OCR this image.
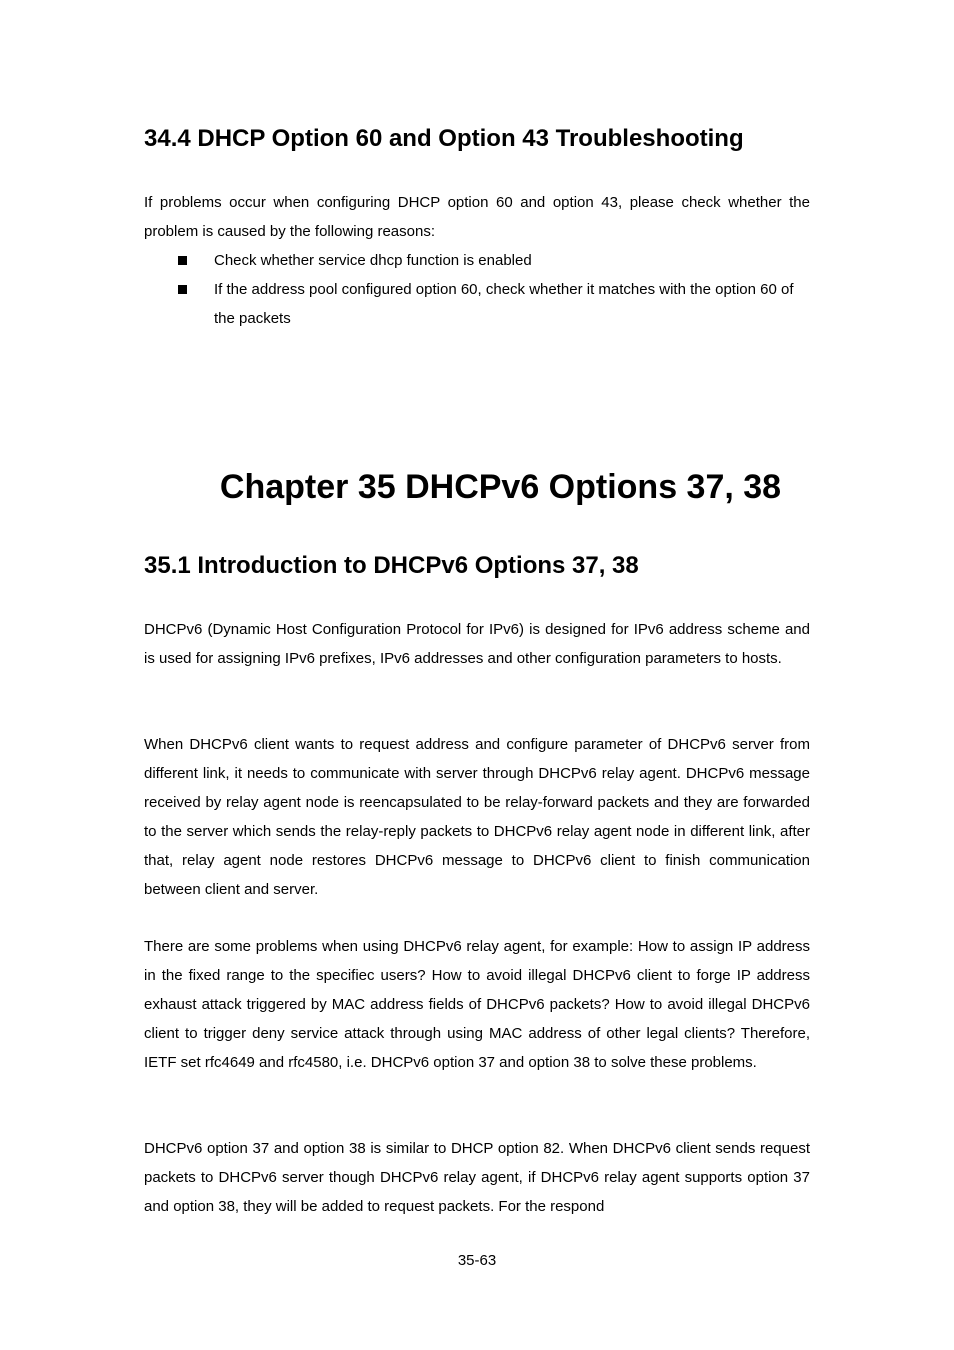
34.4 DHCP Option 60 and Option 43 Troubleshooting

If problems occur when configuring DHCP option 60 and option 43, please check whether the problem is caused by the following reasons:

Check whether service dhcp function is enabled
If the address pool configured option 60, check whether it matches with the option 60 of the packets
Chapter 35 DHCPv6 Options 37, 38
35.1 Introduction to DHCPv6 Options 37, 38

DHCPv6 (Dynamic Host Configuration Protocol for IPv6) is designed for IPv6 address scheme and is used for assigning IPv6 prefixes, IPv6 addresses and other configuration parameters to hosts.

When DHCPv6 client wants to request address and configure parameter of DHCPv6 server from different link, it needs to communicate with server through DHCPv6 relay agent. DHCPv6 message received by relay agent node is reencapsulated to be relay-forward packets and they are forwarded to the server which sends the relay-reply packets to DHCPv6 relay agent node in different link, after that, relay agent node restores DHCPv6 message to DHCPv6 client to finish communication between client and server.

There are some problems when using DHCPv6 relay agent, for example: How to assign IP address in the fixed range to the specifiec users? How to avoid illegal DHCPv6 client to forge IP address exhaust attack triggered by MAC address fields of DHCPv6 packets? How to avoid illegal DHCPv6 client to trigger deny service attack through using MAC address of other legal clients? Therefore, IETF set rfc4649 and rfc4580, i.e. DHCPv6 option 37 and option 38 to solve these problems.

DHCPv6 option 37 and option 38 is similar to DHCP option 82. When DHCPv6 client sends request packets to DHCPv6 server though DHCPv6 relay agent, if DHCPv6 relay agent supports option 37 and option 38, they will be added to request packets. For the respond

35-63
